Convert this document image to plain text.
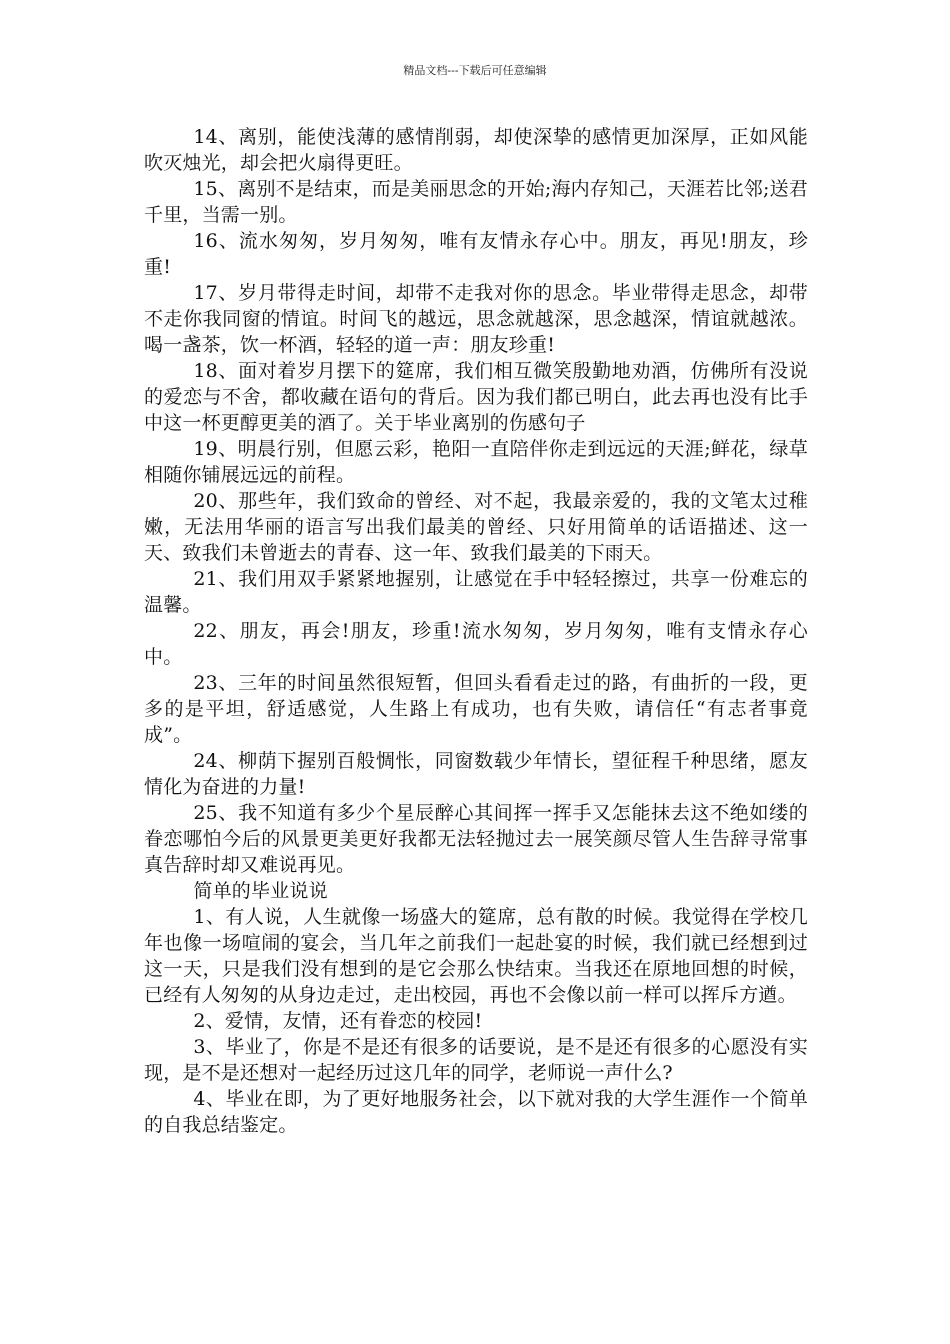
精品文档---下载后可任意编辑

14、离别，能使浅薄的感情削弱，却使深挚的感情更加深厚，正如风能吹灭烛光，却会把火扇得更旺。

15、离别不是结束，而是美丽思念的开始;海内存知己，天涯若比邻;送君千里，当需一别。

16、流水匆匆，岁月匆匆，唯有友情永存心中。朋友，再见!朋友，珍重!

17、岁月带得走时间，却带不走我对你的思念。毕业带得走思念，却带不走你我同窗的情谊。时间飞的越远，思念就越深，思念越深，情谊就越浓。喝一盏茶，饮一杯酒，轻轻的道一声：朋友珍重!

18、面对着岁月摆下的筵席，我们相互微笑殷勤地劝酒，仿佛所有没说的爱恋与不舍，都收藏在语句的背后。因为我们都已明白，此去再也没有比手中这一杯更醇更美的酒了。关于毕业离别的伤感句子

19、明晨行别，但愿云彩，艳阳一直陪伴你走到远远的天涯;鲜花，绿草相随你铺展远远的前程。

20、那些年，我们致命的曾经、对不起，我最亲爱的，我的文笔太过稚嫩，无法用华丽的语言写出我们最美的曾经、只好用简单的话语描述、这一天、致我们未曾逝去的青春、这一年、致我们最美的下雨天。

21、我们用双手紧紧地握别，让感觉在手中轻轻擦过，共享一份难忘的温馨。

22、朋友，再会!朋友，珍重!流水匆匆，岁月匆匆，唯有支情永存心中。

23、三年的时间虽然很短暂，但回头看看走过的路，有曲折的一段，更多的是平坦，舒适感觉，人生路上有成功，也有失败，请信任“有志者事竟成”。

24、柳荫下握别百般惆怅，同窗数载少年情长，望征程千种思绪，愿友情化为奋进的力量!

25、我不知道有多少个星辰醉心其间挥一挥手又怎能抹去这不绝如缕的眷恋哪怕今后的风景更美更好我都无法轻抛过去一展笑颜尽管人生告辞寻常事真告辞时却又难说再见。

简单的毕业说说

1、有人说，人生就像一场盛大的筵席，总有散的时候。我觉得在学校几年也像一场喧闹的宴会，当几年之前我们一起赴宴的时候，我们就已经想到过这一天，只是我们没有想到的是它会那么快结束。当我还在原地回想的时候，已经有人匆匆的从身边走过，走出校园，再也不会像以前一样可以挥斥方遒。

2、爱情，友情，还有眷恋的校园!

3、毕业了，你是不是还有很多的话要说，是不是还有很多的心愿没有实现，是不是还想对一起经历过这几年的同学，老师说一声什么?

4、毕业在即，为了更好地服务社会，以下就对我的大学生涯作一个简单的自我总结鉴定。
